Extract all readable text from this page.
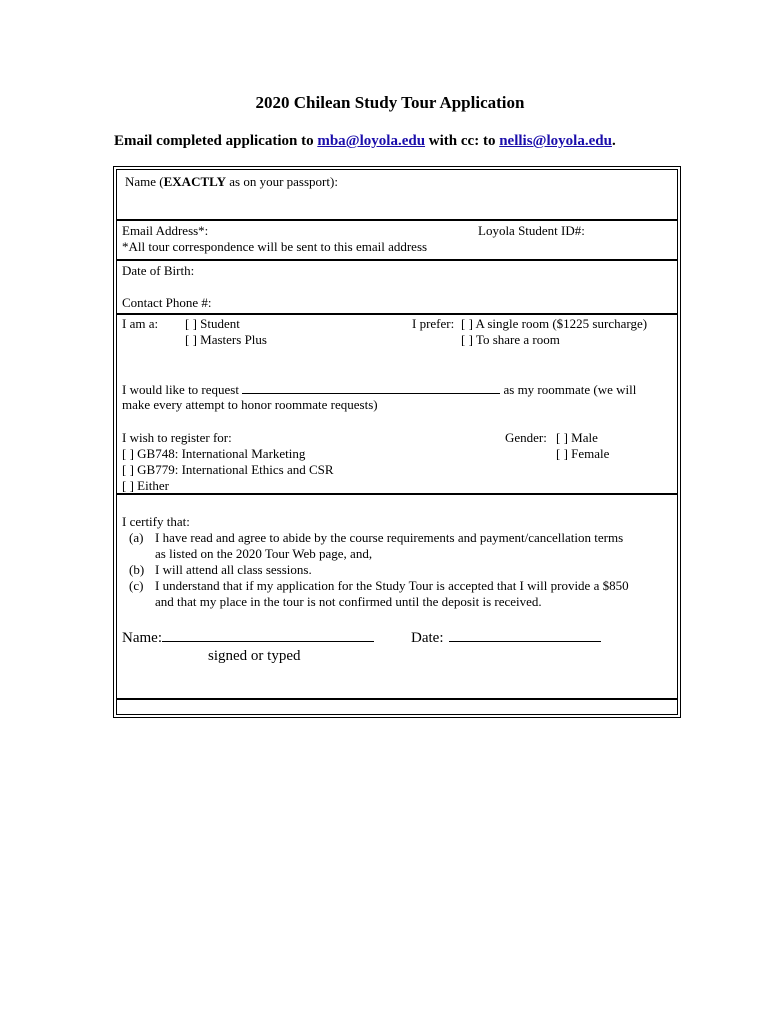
2020 Chilean Study Tour Application
Email completed application to mba@loyola.edu with cc: to nellis@loyola.edu.
Name (EXACTLY as on your passport):
Email Address*:	Loyola Student ID#:
*All tour correspondence will be sent to this email address
Date of Birth:
Contact Phone #:
I am a: [ ] Student
[ ] Masters Plus
I prefer: [ ] A single room ($1225 surcharge)
[ ] To share a room
I would like to request	as my roommate (we will
make every attempt to honor roommate requests)
I wish to register for:
[ ] GB748: International Marketing
[ ] GB779: International Ethics and CSR
[ ] Either
Gender: [ ] Male
[ ] Female
I certify that:
(a) I have read and agree to abide by the course requirements and payment/cancellation terms
as listed on the 2020 Tour Web page, and,
(b) I will attend all class sessions.
(c) I understand that if my application for the Study Tour is accepted that I will provide a $850
and that my place in the tour is not confirmed until the deposit is received.
Name:	Date:
signed or typed
